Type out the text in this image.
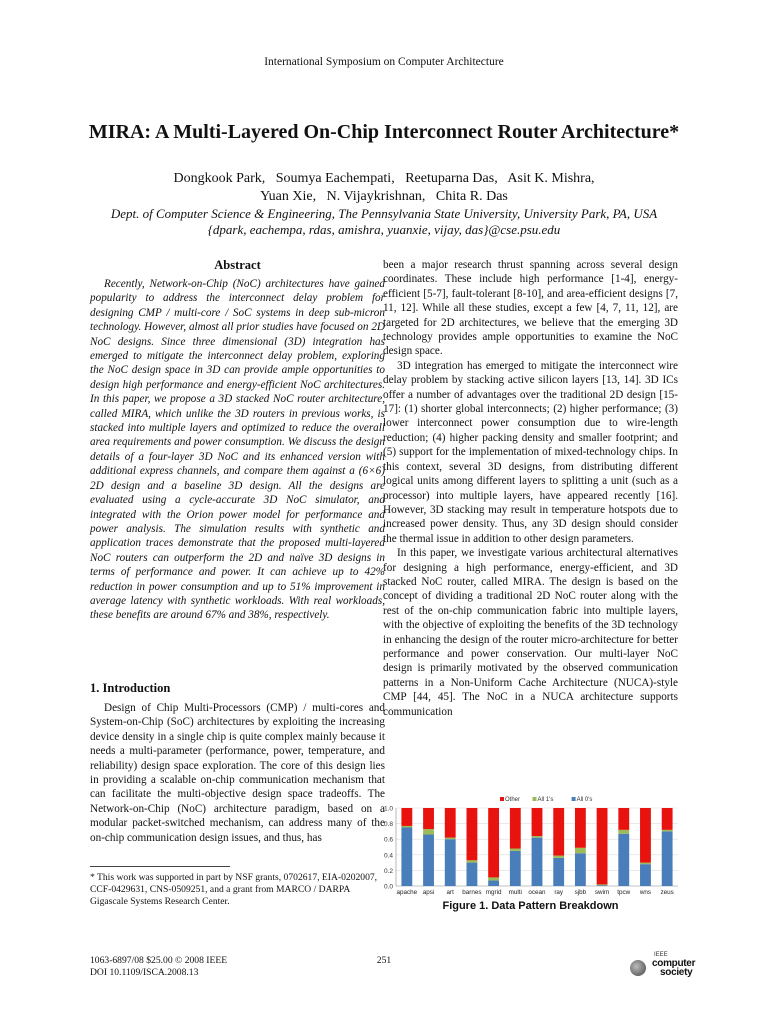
International Symposium on Computer Architecture
MIRA: A Multi-Layered On-Chip Interconnect Router Architecture*
Dongkook Park,   Soumya Eachempati,   Reetuparna Das,   Asit K. Mishra,
Yuan Xie,   N. Vijaykrishnan,   Chita R. Das
Dept. of Computer Science & Engineering, The Pennsylvania State University, University Park, PA, USA
{dpark, eachempa, rdas, amishra, yuanxie, vijay, das}@cse.psu.edu
Abstract
Recently, Network-on-Chip (NoC) architectures have gained popularity to address the interconnect delay problem for designing CMP / multi-core / SoC systems in deep sub-micron technology. However, almost all prior studies have focused on 2D NoC designs. Since three dimensional (3D) integration has emerged to mitigate the interconnect delay problem, exploring the NoC design space in 3D can provide ample opportunities to design high performance and energy-efficient NoC architectures. In this paper, we propose a 3D stacked NoC router architecture, called MIRA, which unlike the 3D routers in previous works, is stacked into multiple layers and optimized to reduce the overall area requirements and power consumption. We discuss the design details of a four-layer 3D NoC and its enhanced version with additional express channels, and compare them against a (6×6) 2D design and a baseline 3D design. All the designs are evaluated using a cycle-accurate 3D NoC simulator, and integrated with the Orion power model for performance and power analysis. The simulation results with synthetic and application traces demonstrate that the proposed multi-layered NoC routers can outperform the 2D and naïve 3D designs in terms of performance and power. It can achieve up to 42% reduction in power consumption and up to 51% improvement in average latency with synthetic workloads. With real workloads, these benefits are around 67% and 38%, respectively.
1. Introduction
Design of Chip Multi-Processors (CMP) / multi-cores and System-on-Chip (SoC) architectures by exploiting the increasing device density in a single chip is quite complex mainly because it needs a multi-parameter (performance, power, temperature, and reliability) design space exploration. The core of this design lies in providing a scalable on-chip communication mechanism that can facilitate the multi-objective design space tradeoffs. The Network-on-Chip (NoC) architecture paradigm, based on a modular packet-switched mechanism, can address many of the on-chip communication design issues, and thus, has
* This work was supported in part by NSF grants, 0702617, EIA-0202007, CCF-0429631, CNS-0509251, and a grant from MARCO / DARPA Gigascale Systems Research Center.

been a major research thrust spanning across several design coordinates. These include high performance [1-4], energy-efficient [5-7], fault-tolerant [8-10], and area-efficient designs [7, 11, 12]. While all these studies, except a few [4, 7, 11, 12], are targeted for 2D architectures, we believe that the emerging 3D technology provides ample opportunities to examine the NoC design space.

3D integration has emerged to mitigate the interconnect wire delay problem by stacking active silicon layers [13, 14]. 3D ICs offer a number of advantages over the traditional 2D design [15-17]: (1) shorter global interconnects; (2) higher performance; (3) lower interconnect power consumption due to wire-length reduction; (4) higher packing density and smaller footprint; and (5) support for the implementation of mixed-technology chips. In this context, several 3D designs, from distributing different logical units among different layers to splitting a unit (such as a processor) into multiple layers, have appeared recently [16]. However, 3D stacking may result in temperature hotspots due to increased power density. Thus, any 3D design should consider the thermal issue in addition to other design parameters.

In this paper, we investigate various architectural alternatives for designing a high performance, energy-efficient, and 3D stacked NoC router, called MIRA. The design is based on the concept of dividing a traditional 2D NoC router along with the rest of the on-chip communication fabric into multiple layers, with the objective of exploiting the benefits of the 3D technology in enhancing the design of the router micro-architecture for better performance and power conservation. Our multi-layer NoC design is primarily motivated by the observed communication patterns in a Non-Uniform Cache Architecture (NUCA)-style CMP [44, 45]. The NoC in a NUCA architecture supports communication

0.0
0.2
0.4
0.6
0.8
1.0
Other	All 1's	All 0's
apache apsi art barnes mgrid multi ocean ray sjbb swim tpcw wns zeus
Figure 1. Data Pattern Breakdown
1063-6897/08 $25.00 © 2008 IEEE
DOI 10.1109/ISCA.2008.13
251	IEEE
computer
society
